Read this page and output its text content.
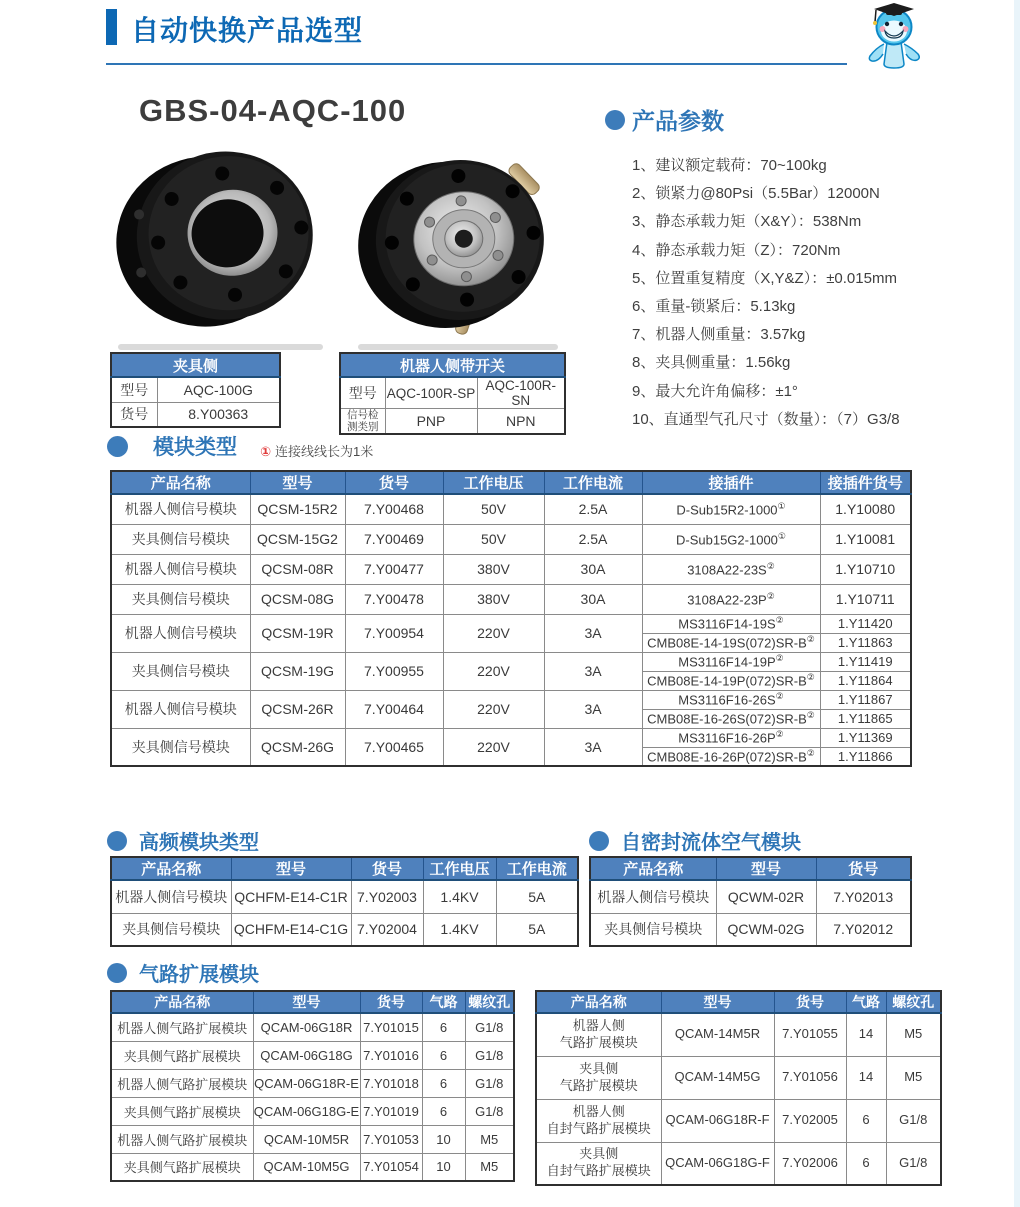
自动快换产品选型
GBS-04-AQC-100
夹具侧	
型号	AQC-100G
货号	8.Y00363
机器人侧带开关		
型号	AQC-100R-SP	AQC-100R-SN
信号检测类别	PNP	NPN
产品参数
1、建议额定载荷：70~100kg
2、锁紧力@80Psi（5.5Bar）12000N
3、静态承载力矩（X&Y）：538Nm
4、静态承载力矩（Z）：720Nm
5、位置重复精度（X,Y&Z）：±0.015mm
6、重量-锁紧后：5.13kg
7、机器人侧重量：3.57kg
8、夹具侧重量：1.56kg
9、最大允许角偏移：±1°
10、直通型气孔尺寸（数量）：（7）G3/8
模块类型 ① 连接线线长为1米
产品名称	型号	货号	工作电压	工作电流	接插件	接插件货号
机器人侧信号模块	QCSM-15R2	7.Y00468	50V	2.5A	D-Sub15R2-1000①	1.Y10080
夹具侧信号模块	QCSM-15G2	7.Y00469	50V	2.5A	D-Sub15G2-1000①	1.Y10081
机器人侧信号模块	QCSM-08R	7.Y00477	380V	30A	3108A22-23S②	1.Y10710
夹具侧信号模块	QCSM-08G	7.Y00478	380V	30A	3108A22-23P②	1.Y10711
机器人侧信号模块	QCSM-19R	7.Y00954	220V	3A	MS3116F14-19S②	1.Y11420
					CMB08E-14-19S(072)SR-B②	1.Y11863
夹具侧信号模块	QCSM-19G	7.Y00955	220V	3A	MS3116F14-19P②	1.Y11419
					CMB08E-14-19P(072)SR-B②	1.Y11864
机器人侧信号模块	QCSM-26R	7.Y00464	220V	3A	MS3116F16-26S②	1.Y11867
					CMB08E-16-26S(072)SR-B②	1.Y11865
夹具侧信号模块	QCSM-26G	7.Y00465	220V	3A	MS3116F16-26P②	1.Y11369
					CMB08E-16-26P(072)SR-B②	1.Y11866
高频模块类型
产品名称	型号	货号	工作电压	工作电流
机器人侧信号模块	QCHFM-E14-C1R	7.Y02003	1.4KV	5A
夹具侧信号模块	QCHFM-E14-C1G	7.Y02004	1.4KV	5A
自密封流体空气模块
产品名称	型号	货号
机器人侧信号模块	QCWM-02R	7.Y02013
夹具侧信号模块	QCWM-02G	7.Y02012
气路扩展模块
产品名称	型号	货号	气路	螺纹孔
机器人侧气路扩展模块	QCAM-06G18R	7.Y01015	6	G1/8
夹具侧气路扩展模块	QCAM-06G18G	7.Y01016	6	G1/8
机器人侧气路扩展模块	QCAM-06G18R-E	7.Y01018	6	G1/8
夹具侧气路扩展模块	QCAM-06G18G-E	7.Y01019	6	G1/8
机器人侧气路扩展模块	QCAM-10M5R	7.Y01053	10	M5
夹具侧气路扩展模块	QCAM-10M5G	7.Y01054	10	M5
产品名称	型号	货号	气路	螺纹孔

机器人侧
气路扩展模块	QCAM-14M5R	7.Y01055	14	M5

夹具侧
气路扩展模块	QCAM-14M5G	7.Y01056	14	M5

机器人侧
自封气路扩展模块	QCAM-06G18R-F	7.Y02005	6	G1/8

夹具侧
自封气路扩展模块	QCAM-06G18G-F	7.Y02006	6	G1/8
